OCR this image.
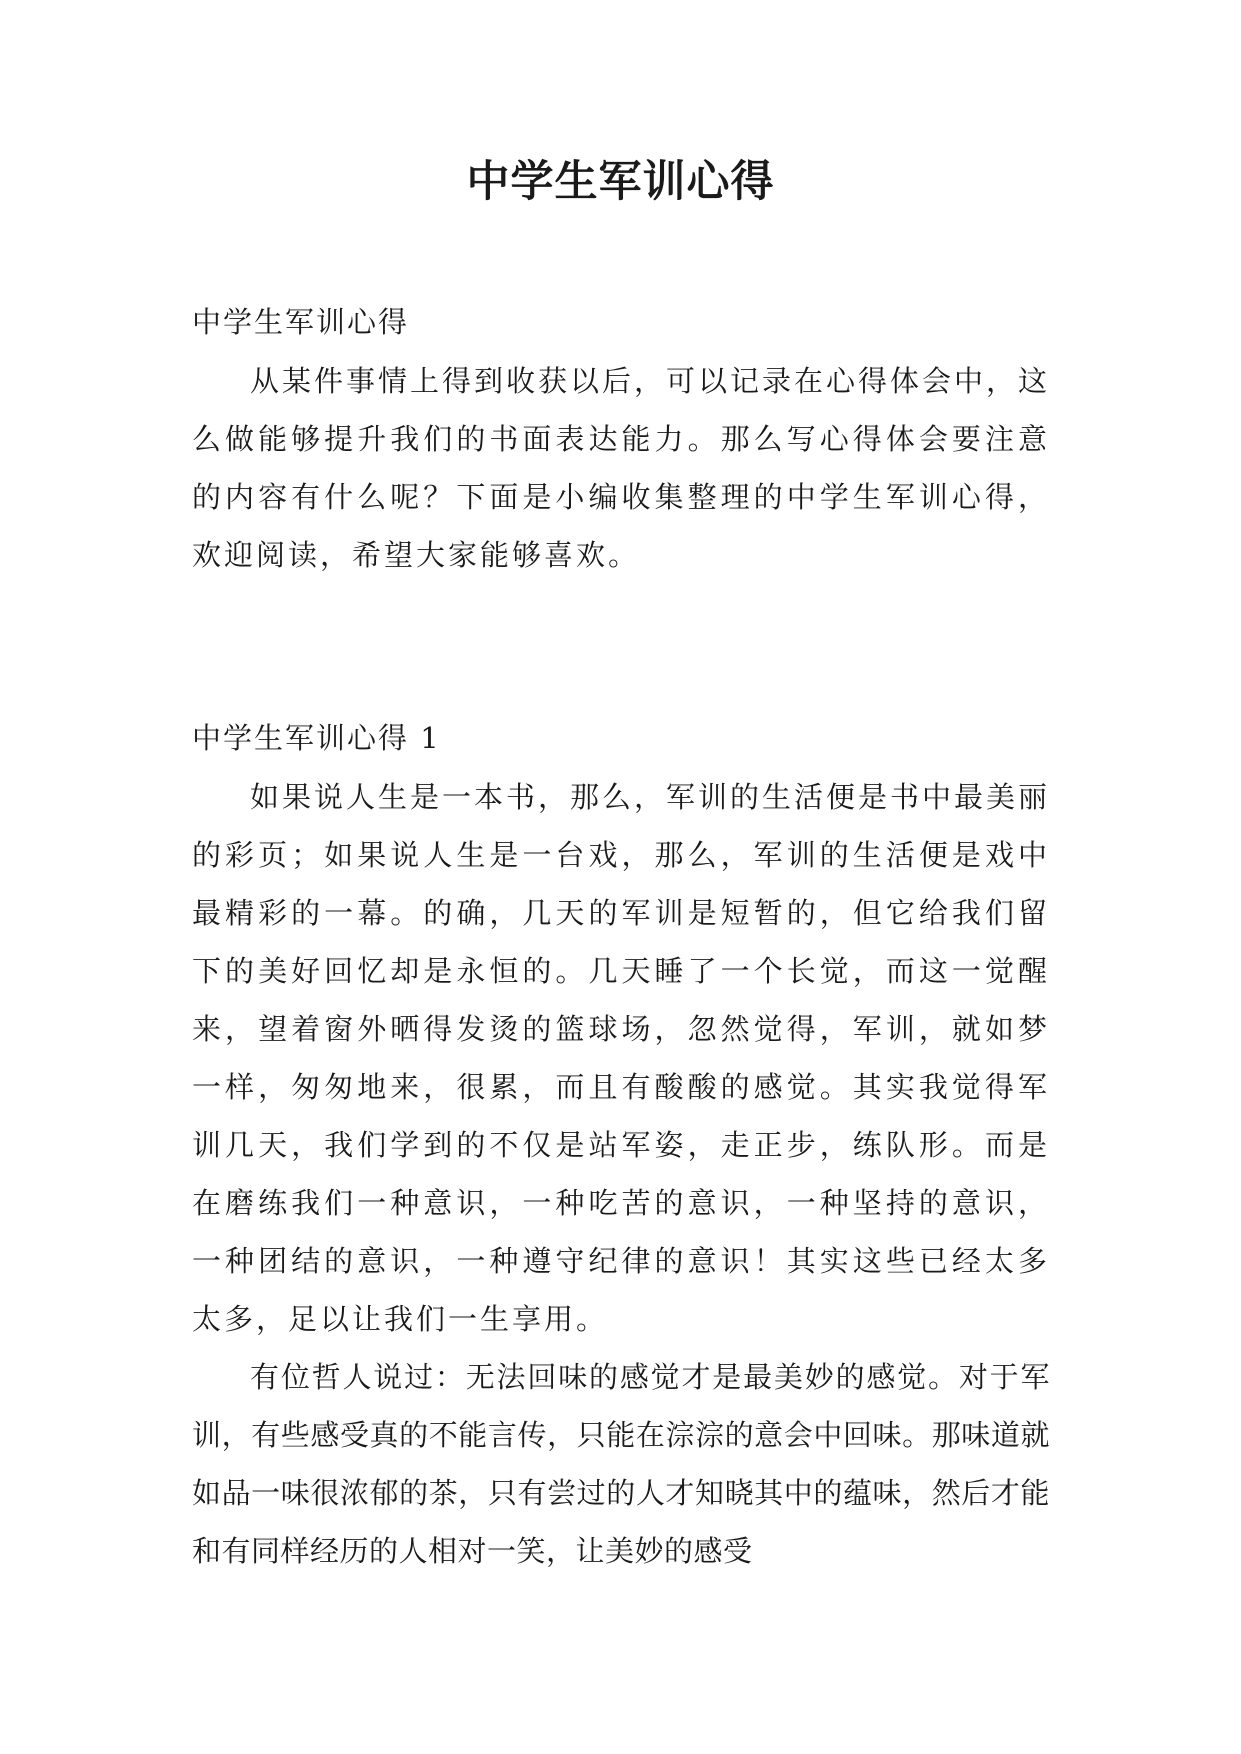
中学生军训心得

中学生军训心得

从某件事情上得到收获以后，可以记录在心得体会中，这么做能够提升我们的书面表达能力。那么写心得体会要注意的内容有什么呢？下面是小编收集整理的中学生军训心得，欢迎阅读，希望大家能够喜欢。

中学生军训心得 1

如果说人生是一本书，那么，军训的生活便是书中最美丽的彩页；如果说人生是一台戏，那么，军训的生活便是戏中最精彩的一幕。的确，几天的军训是短暂的，但它给我们留下的美好回忆却是永恒的。几天睡了一个长觉，而这一觉醒来，望着窗外晒得发烫的篮球场，忽然觉得，军训，就如梦一样，匆匆地来，很累，而且有酸酸的感觉。其实我觉得军训几天，我们学到的不仅是站军姿，走正步，练队形。而是在磨练我们一种意识，一种吃苦的意识，一种坚持的意识，一种团结的意识，一种遵守纪律的意识！其实这些已经太多太多，足以让我们一生享用。

有位哲人说过：无法回味的感觉才是最美妙的感觉。对于军训，有些感受真的不能言传，只能在淙淙的意会中回味。那味道就如品一味很浓郁的茶，只有尝过的人才知晓其中的蕴味，然后才能和有同样经历的人相对一笑，让美妙的感受
